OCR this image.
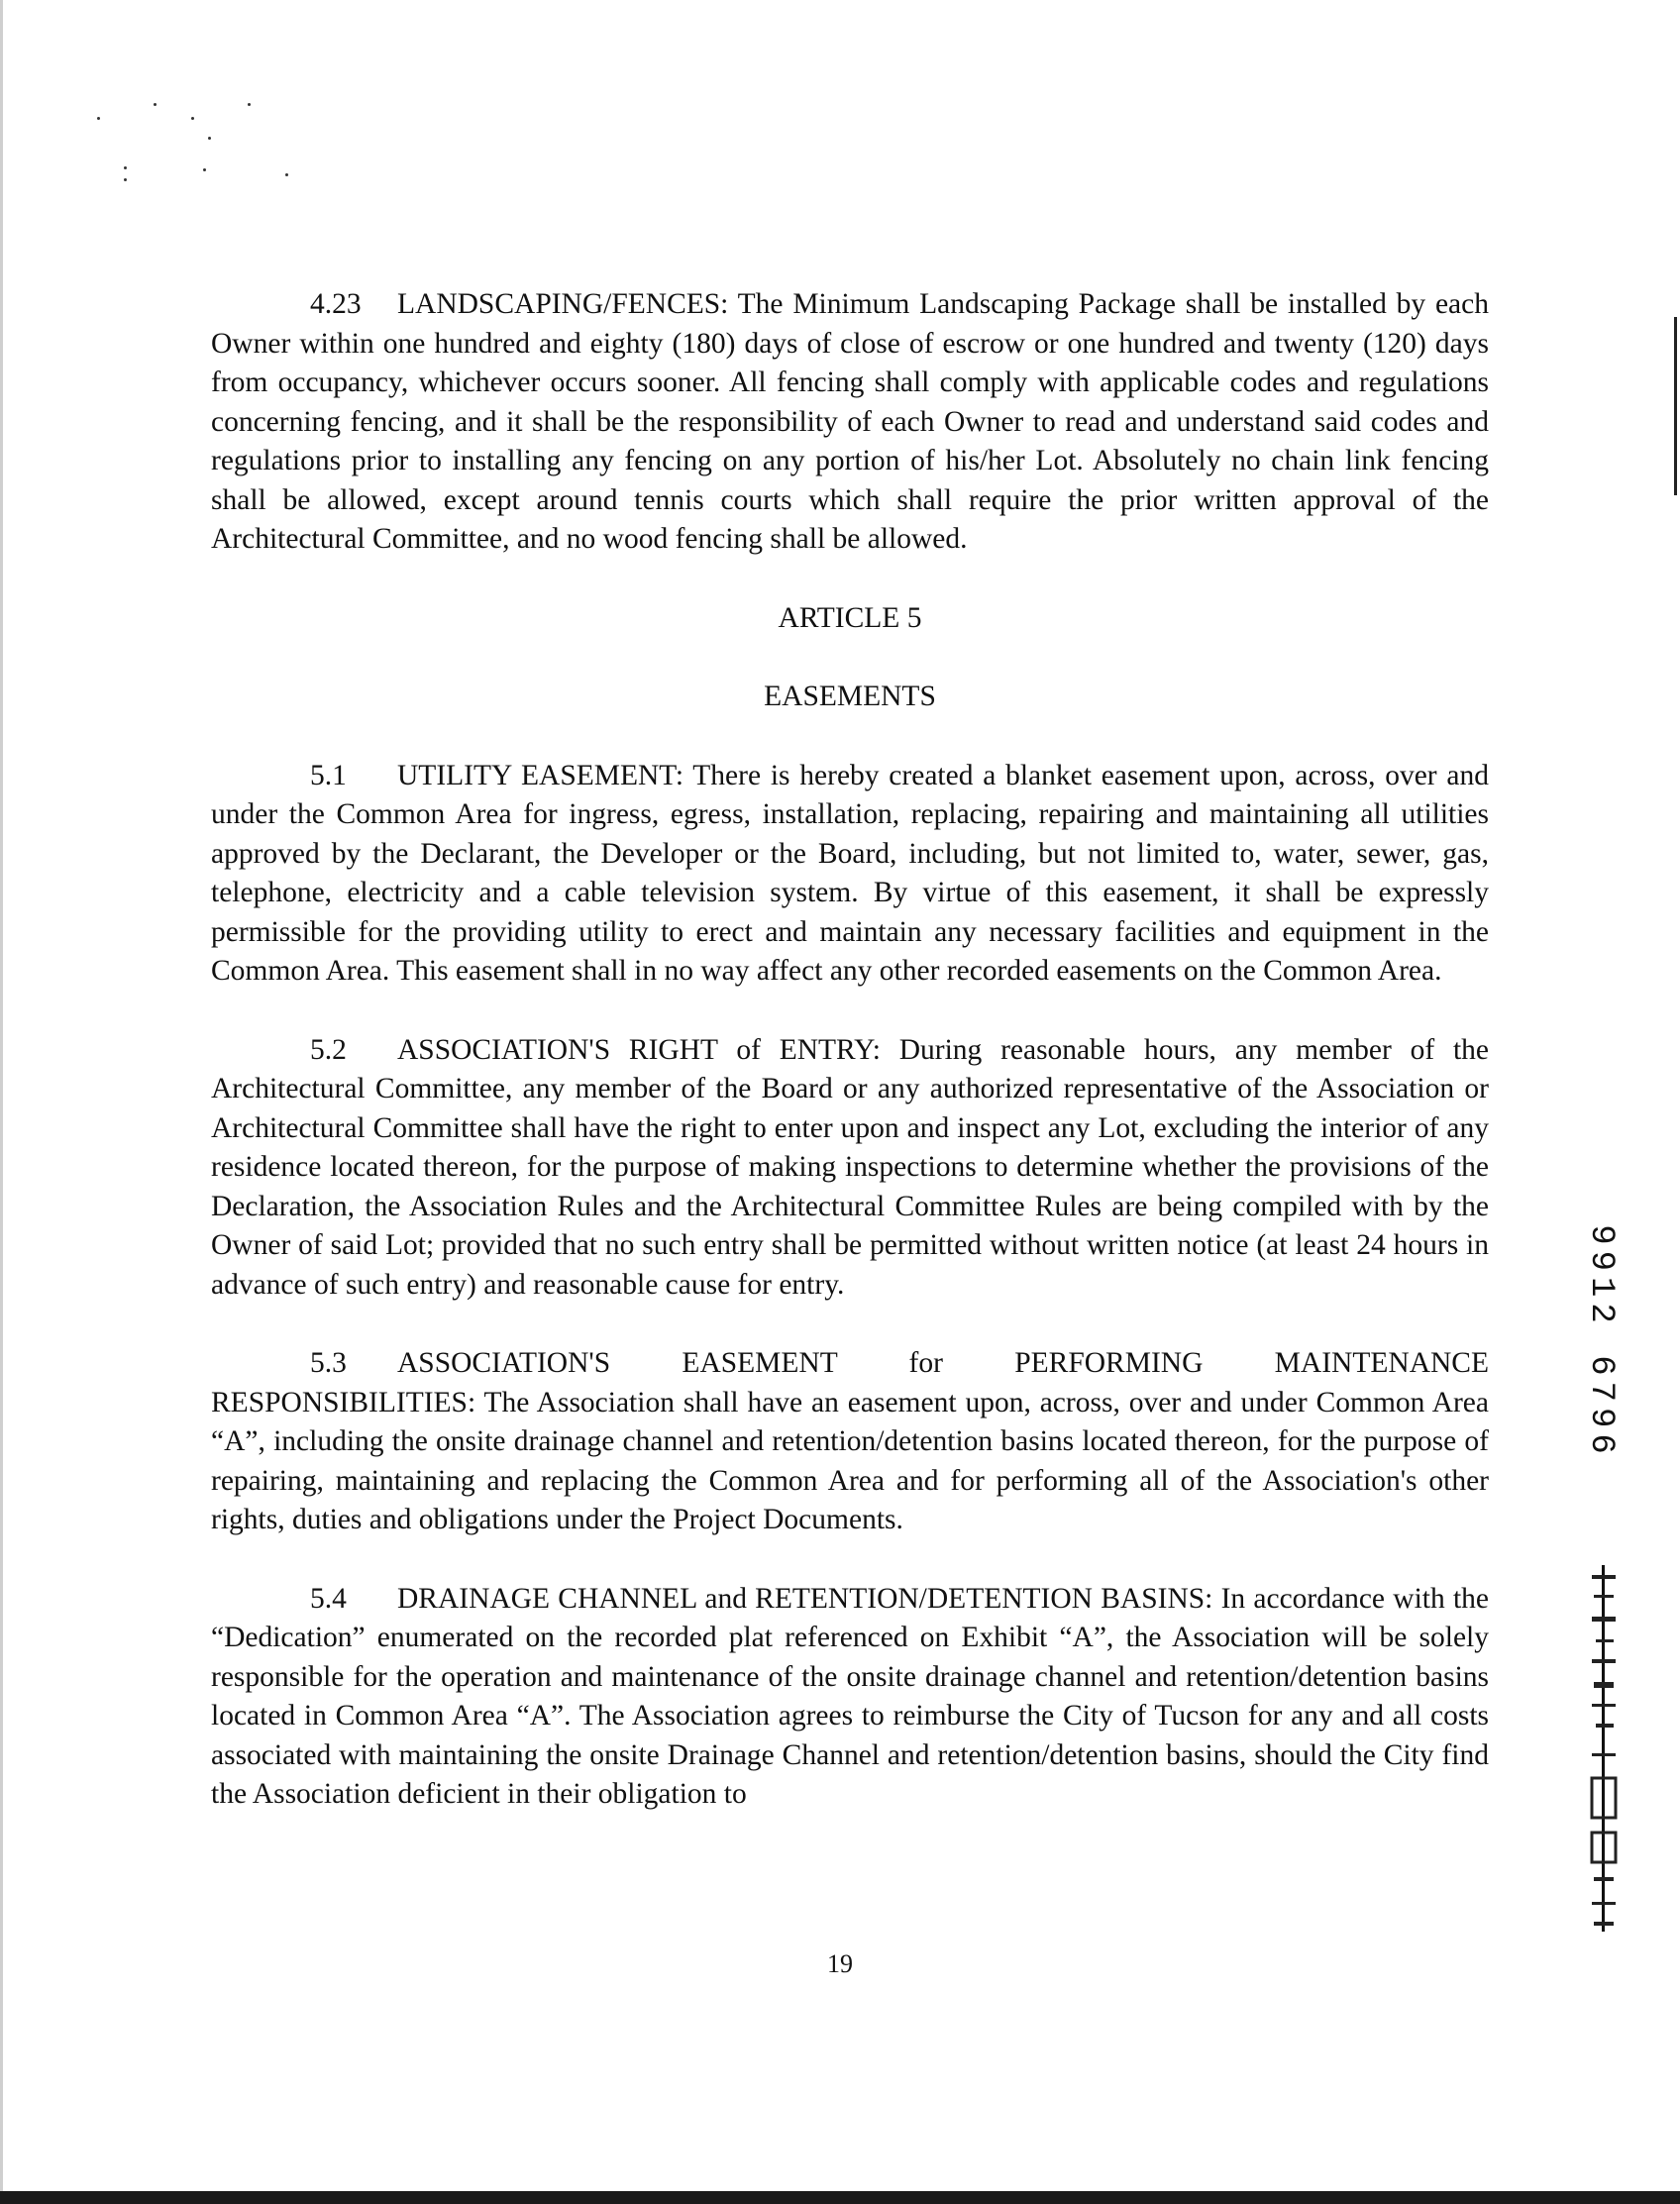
4.23 LANDSCAPING/FENCES: The Minimum Landscaping Package shall be installed by each Owner within one hundred and eighty (180) days of close of escrow or one hundred and twenty (120) days from occupancy, whichever occurs sooner. All fencing shall comply with applicable codes and regulations concerning fencing, and it shall be the responsibility of each Owner to read and understand said codes and regulations prior to installing any fencing on any portion of his/her Lot. Absolutely no chain link fencing shall be allowed, except around tennis courts which shall require the prior written approval of the Architectural Committee, and no wood fencing shall be allowed.

ARTICLE 5

EASEMENTS

5.1 UTILITY EASEMENT: There is hereby created a blanket easement upon, across, over and under the Common Area for ingress, egress, installation, replacing, repairing and maintaining all utilities approved by the Declarant, the Developer or the Board, including, but not limited to, water, sewer, gas, telephone, electricity and a cable television system. By virtue of this easement, it shall be expressly permissible for the providing utility to erect and maintain any necessary facilities and equipment in the Common Area. This easement shall in no way affect any other recorded easements on the Common Area.

5.2 ASSOCIATION'S RIGHT of ENTRY: During reasonable hours, any member of the Architectural Committee, any member of the Board or any authorized representative of the Association or Architectural Committee shall have the right to enter upon and inspect any Lot, excluding the interior of any residence located thereon, for the purpose of making inspections to determine whether the provisions of the Declaration, the Association Rules and the Architectural Committee Rules are being compiled with by the Owner of said Lot; provided that no such entry shall be permitted without written notice (at least 24 hours in advance of such entry) and reasonable cause for entry.

5.3 ASSOCIATION'S EASEMENT for PERFORMING MAINTENANCE RESPONSIBILITIES: The Association shall have an easement upon, across, over and under Common Area “A”, including the onsite drainage channel and retention/detention basins located thereon, for the purpose of repairing, maintaining and replacing the Common Area and for performing all of the Association's other rights, duties and obligations under the Project Documents.

5.4 DRAINAGE CHANNEL and RETENTION/DETENTION BASINS: In accordance with the “Dedication” enumerated on the recorded plat referenced on Exhibit “A”, the Association will be solely responsible for the operation and maintenance of the onsite drainage channel and retention/detention basins located in Common Area “A”. The Association agrees to reimburse the City of Tucson for any and all costs associated with maintaining the onsite Drainage Channel and retention/detention basins, should the City find the Association deficient in their obligation to

9912 6796
19
